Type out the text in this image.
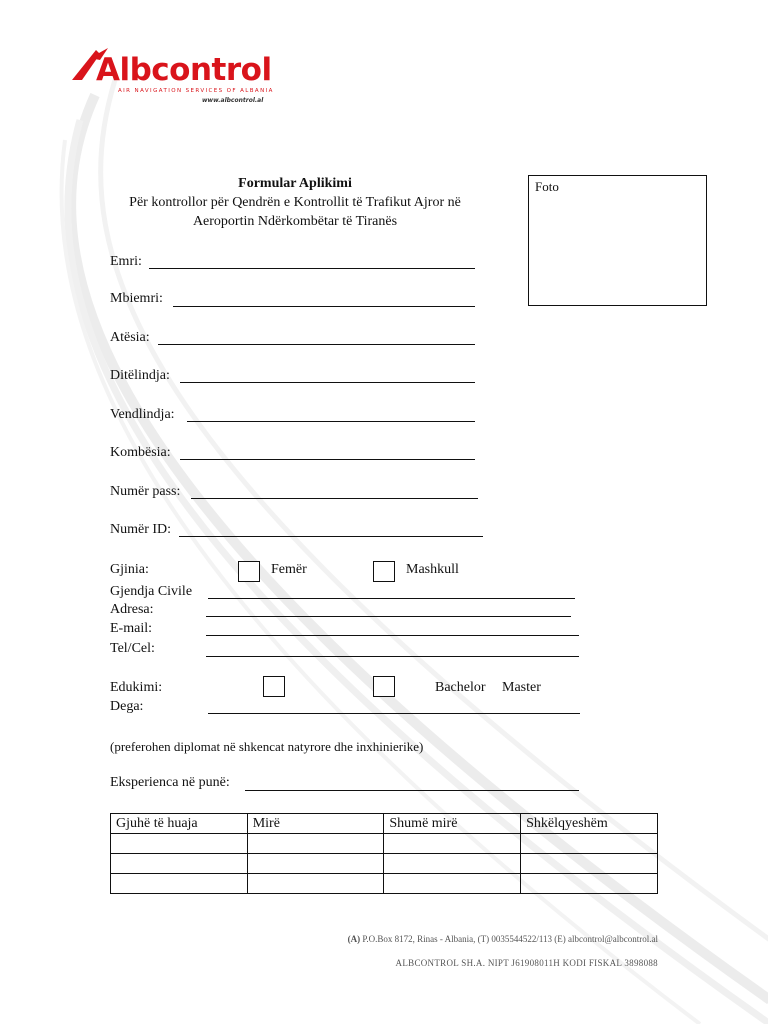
Albcontrol
AIR NAVIGATION SERVICES OF ALBANIA
www.albcontrol.al
Formular Aplikimi
Për kontrollor për Qendrën e Kontrollit të Trafikut Ajror në
Aeroportin Ndërkombëtar të Tiranës
Foto
Emri:
Mbiemri:
Atësia:
Ditëlindja:
Vendlindja:
Kombësia:
Numër pass:
Numër ID:
Gjinia:	Femër	Mashkull
Gjendja Civile
Adresa:
E-mail:
Tel/Cel:
Edukimi:	Bachelor Master
Dega:
(preferohen diplomat në shkencat natyrore dhe inxhinierike)
Eksperienca në punë:
Gjuhë të huaja	Mirë	Shumë mirë	Shkëlqyeshëm

(A) P.O.Box 8172, Rinas - Albania, (T) 0035544522/113 (E) albcontrol@albcontrol.al
ALBCONTROL SH.A. NIPT J61908011H KODI FISKAL 3898088
